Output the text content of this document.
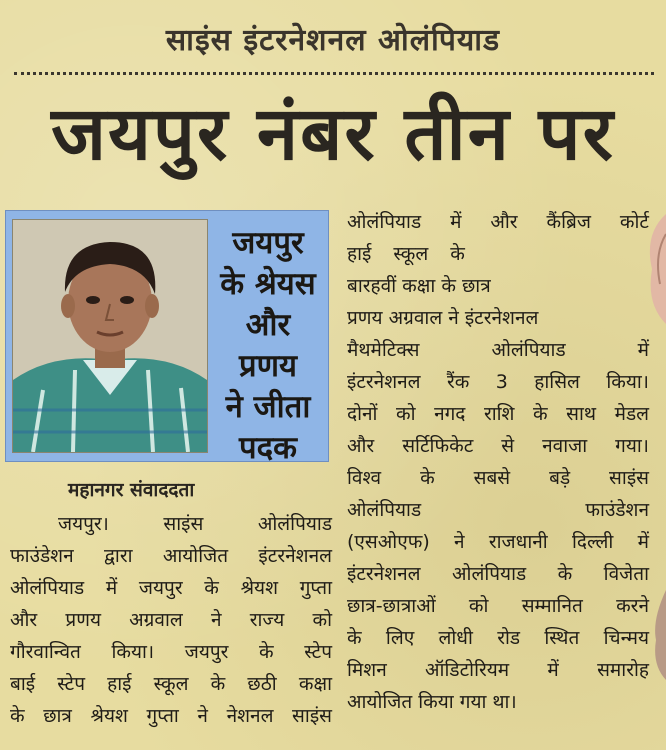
साइंस इंटरनेशनल ओलंपियाड
जयपुर नंबर तीन पर
जयपुर
के श्रेयस
और
प्रणय
ने जीता
पदक
महानगर संवाददता
जयपुर। साइंस ओलंपियाड
फाउंडेशन द्वारा आयोजित इंटरनेशनल
ओलंपियाड में जयपुर के श्रेयश गुप्ता
और प्रणय अग्रवाल ने राज्य को
गौरवान्वित किया। जयपुर के स्टेप
बाई स्टेप हाई स्कूल के छठी कक्षा
के छात्र श्रेयश गुप्ता ने नेशनल साइंस
ओलंपियाड में और कैंब्रिज कोर्ट
हाई स्कूल के
बारहवीं कक्षा के छात्र
प्रणय अग्रवाल ने इंटरनेशनल
मैथमेटिक्स ओलंपियाड में
इंटरनेशनल रैंक 3 हासिल किया।
दोनों को नगद राशि के साथ मेडल
और सर्टिफिकेट से नवाजा गया।
विश्व के सबसे बड़े साइंस
ओलंपियाड फाउंडेशन
(एसओएफ) ने राजधानी दिल्ली में
इंटरनेशनल ओलंपियाड के विजेता
छात्र-छात्राओं को सम्मानित करने
के लिए लोधी रोड स्थित चिन्मय
मिशन ऑडिटोरियम में समारोह
आयोजित किया गया था।
